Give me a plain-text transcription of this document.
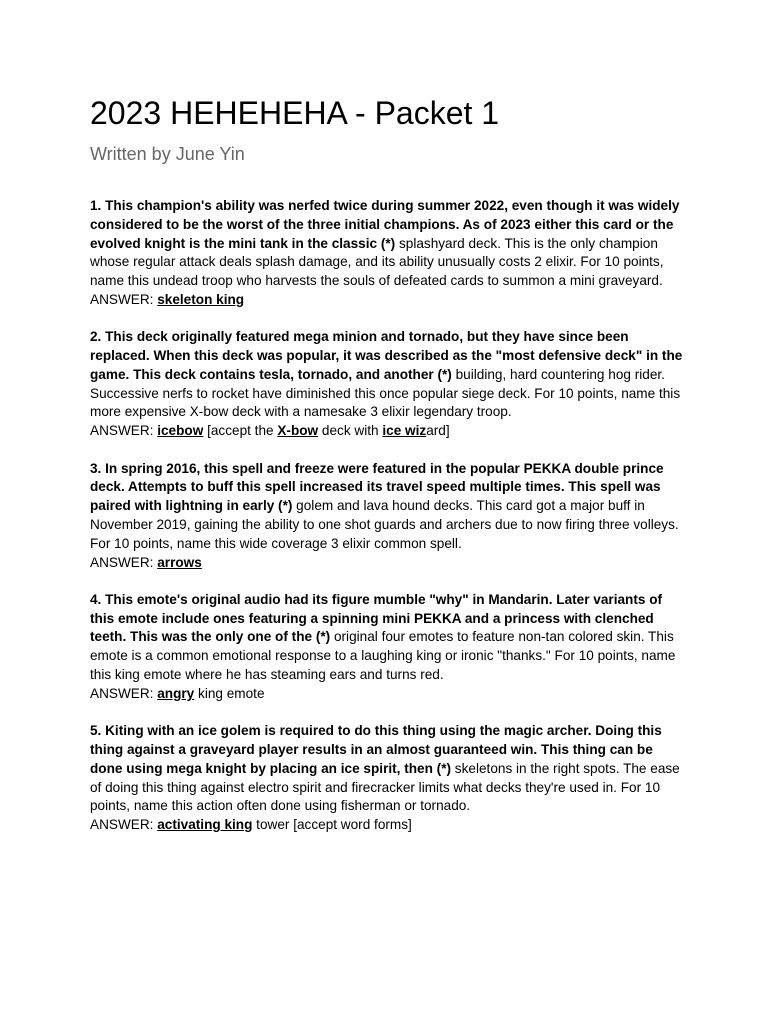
2023 HEHEHEHA - Packet 1
Written by June Yin

1. This champion's ability was nerfed twice during summer 2022, even though it was widely considered to be the worst of the three initial champions. As of 2023 either this card or the evolved knight is the mini tank in the classic (*) splashyard deck. This is the only champion whose regular attack deals splash damage, and its ability unusually costs 2 elixir. For 10 points, name this undead troop who harvests the souls of defeated cards to summon a mini graveyard.

ANSWER: skeleton king

2. This deck originally featured mega minion and tornado, but they have since been replaced. When this deck was popular, it was described as the "most defensive deck" in the game. This deck contains tesla, tornado, and another (*) building, hard countering hog rider. Successive nerfs to rocket have diminished this once popular siege deck. For 10 points, name this more expensive X-bow deck with a namesake 3 elixir legendary troop.

ANSWER: icebow [accept the X-bow deck with ice wizard]

3. In spring 2016, this spell and freeze were featured in the popular PEKKA double prince deck. Attempts to buff this spell increased its travel speed multiple times. This spell was paired with lightning in early (*) golem and lava hound decks. This card got a major buff in November 2019, gaining the ability to one shot guards and archers due to now firing three volleys. For 10 points, name this wide coverage 3 elixir common spell.

ANSWER: arrows

4. This emote's original audio had its figure mumble "why" in Mandarin. Later variants of this emote include ones featuring a spinning mini PEKKA and a princess with clenched teeth. This was the only one of the (*) original four emotes to feature non-tan colored skin. This emote is a common emotional response to a laughing king or ironic "thanks." For 10 points, name this king emote where he has steaming ears and turns red.

ANSWER: angry king emote

5. Kiting with an ice golem is required to do this thing using the magic archer. Doing this thing against a graveyard player results in an almost guaranteed win. This thing can be done using mega knight by placing an ice spirit, then (*) skeletons in the right spots. The ease of doing this thing against electro spirit and firecracker limits what decks they're used in. For 10 points, name this action often done using fisherman or tornado.

ANSWER: activating king tower [accept word forms]
